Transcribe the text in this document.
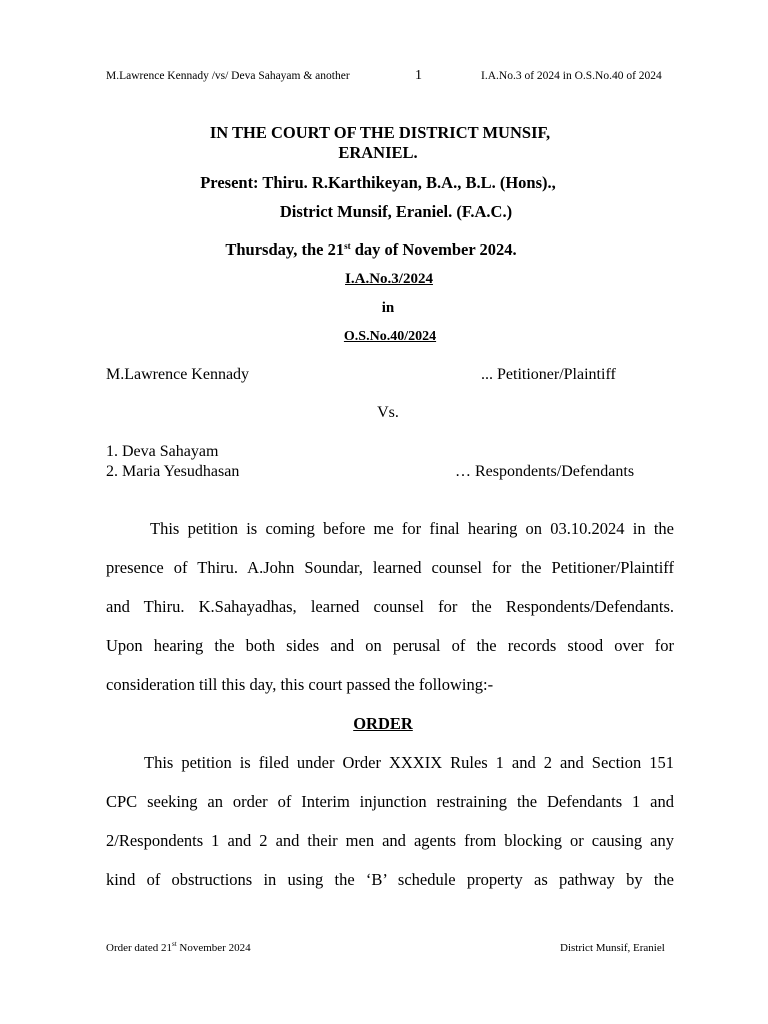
M.Lawrence Kennady /vs/ Deva Sahayam & another	1	I.A.No.3 of 2024 in O.S.No.40 of 2024
IN THE COURT OF THE DISTRICT MUNSIF,
ERANIEL.
Present: Thiru. R.Karthikeyan, B.A., B.L. (Hons).,
District Munsif, Eraniel. (F.A.C.)
Thursday, the 21st day of November 2024.
I.A.No.3/2024
in
O.S.No.40/2024
M.Lawrence Kennady	... Petitioner/Plaintiff
Vs.
1. Deva Sahayam
2. Maria Yesudhasan	… Respondents/Defendants
This petition is coming before me for final hearing on 03.10.2024 in the
presence of Thiru. A.John Soundar, learned counsel for the Petitioner/Plaintiff
and Thiru. K.Sahayadhas, learned counsel for the Respondents/Defendants.
Upon hearing the both sides and on perusal of the records stood over for
consideration till this day, this court passed the following:-
ORDER
This petition is filed under Order XXXIX Rules 1 and 2 and Section 151
CPC seeking an order of Interim injunction restraining the Defendants 1 and
2/Respondents 1 and 2 and their men and agents from blocking or causing any
kind of obstructions in using the ‘B’ schedule property as pathway by the
Order dated 21st November 2024	District Munsif, Eraniel
